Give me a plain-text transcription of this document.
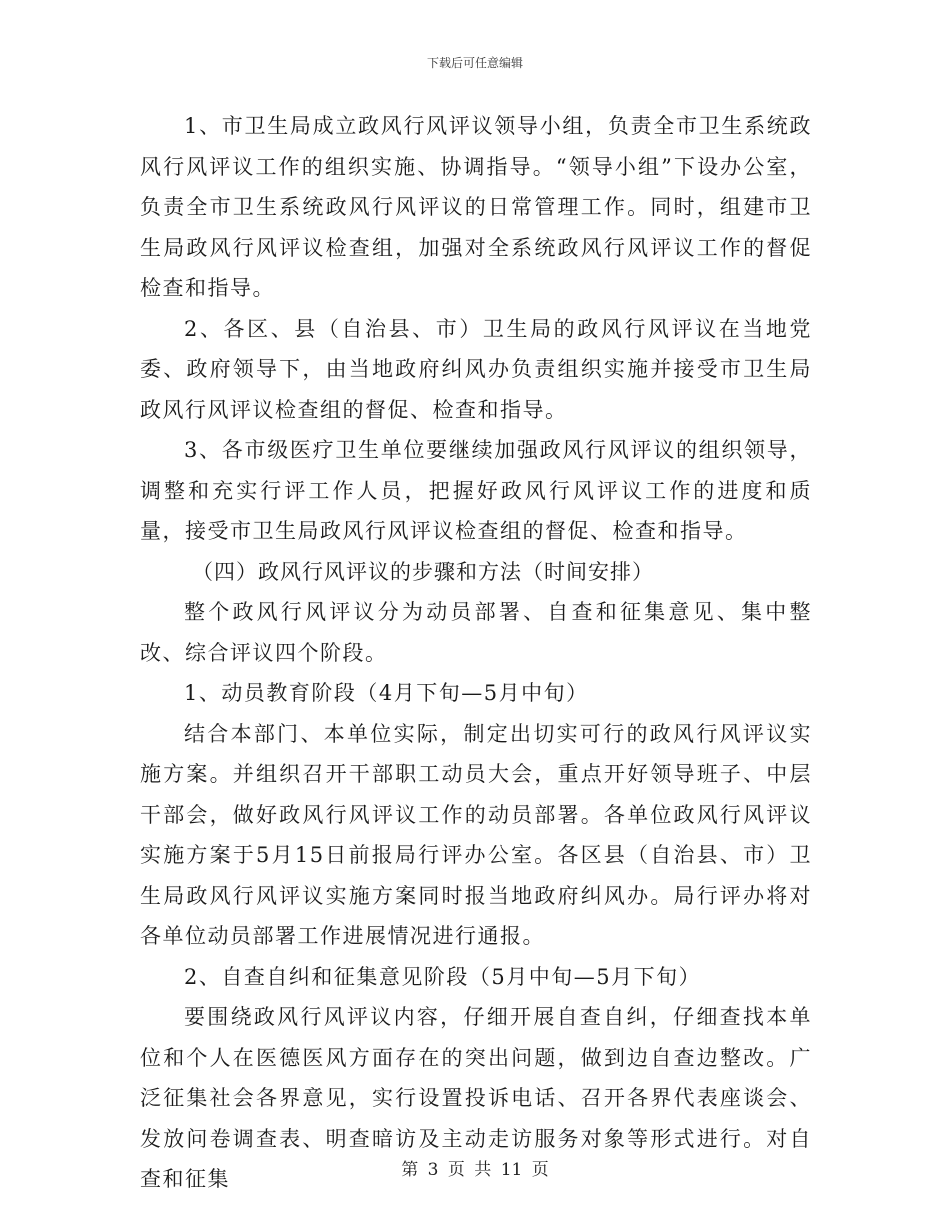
下载后可任意编辑

1、市卫生局成立政风行风评议领导小组，负责全市卫生系统政风行风评议工作的组织实施、协调指导。“领导小组”下设办公室，负责全市卫生系统政风行风评议的日常管理工作。同时，组建市卫生局政风行风评议检查组，加强对全系统政风行风评议工作的督促检查和指导。

2、各区、县（自治县、市）卫生局的政风行风评议在当地党委、政府领导下，由当地政府纠风办负责组织实施并接受市卫生局政风行风评议检查组的督促、检查和指导。

3、各市级医疗卫生单位要继续加强政风行风评议的组织领导，调整和充实行评工作人员，把握好政风行风评议工作的进度和质量，接受市卫生局政风行风评议检查组的督促、检查和指导。

（四）政风行风评议的步骤和方法（时间安排）

整个政风行风评议分为动员部署、自查和征集意见、集中整改、综合评议四个阶段。

1、动员教育阶段（4月下旬—5月中旬）

结合本部门、本单位实际，制定出切实可行的政风行风评议实施方案。并组织召开干部职工动员大会，重点开好领导班子、中层干部会，做好政风行风评议工作的动员部署。各单位政风行风评议实施方案于5月15日前报局行评办公室。各区县（自治县、市）卫生局政风行风评议实施方案同时报当地政府纠风办。局行评办将对各单位动员部署工作进展情况进行通报。

2、自查自纠和征集意见阶段（5月中旬—5月下旬）

要围绕政风行风评议内容，仔细开展自查自纠，仔细查找本单位和个人在医德医风方面存在的突出问题，做到边自查边整改。广泛征集社会各界意见，实行设置投诉电话、召开各界代表座谈会、发放问卷调查表、明查暗访及主动走访服务对象等形式进行。对自查和征集	第 3 页 共 11 页
